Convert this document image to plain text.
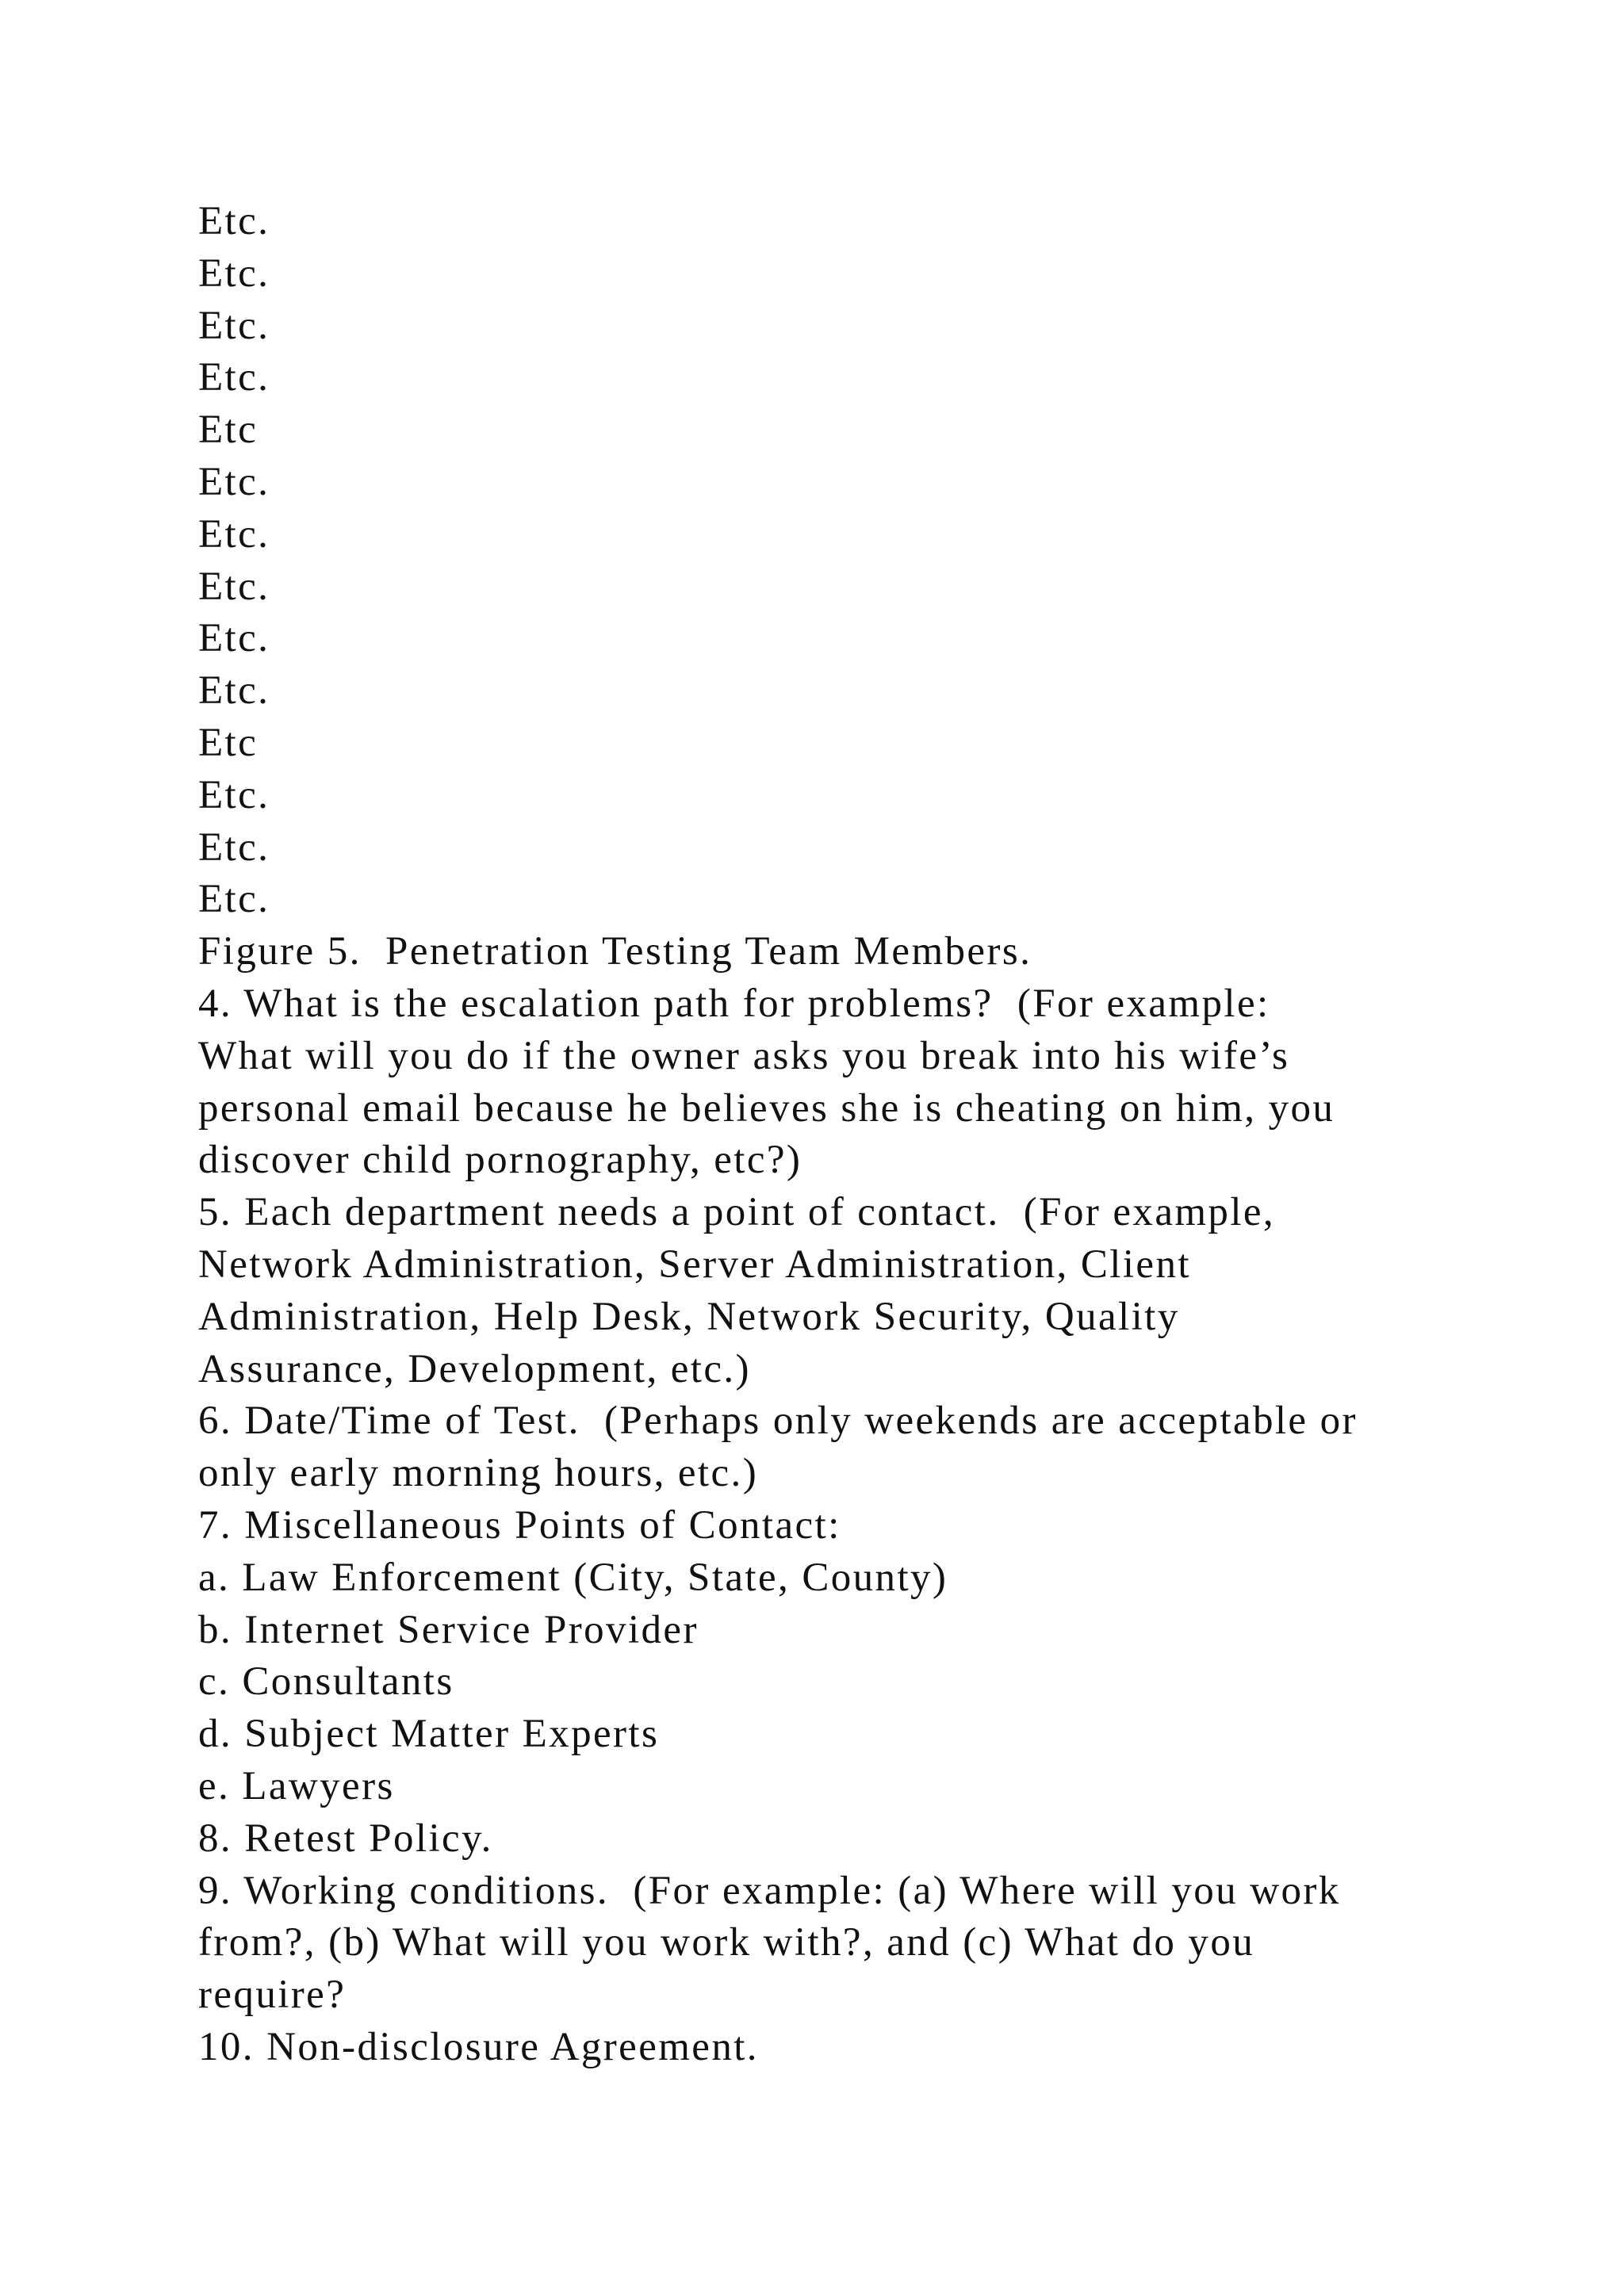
Etc.
Etc.
Etc.
Etc.
Etc
Etc.
Etc.
Etc.
Etc.
Etc.
Etc
Etc.
Etc.
Etc.
Figure 5.  Penetration Testing Team Members.
4. What is the escalation path for problems?  (For example:
What will you do if the owner asks you break into his wife’s
personal email because he believes she is cheating on him, you
discover child pornography, etc?)
5. Each department needs a point of contact.  (For example,
Network Administration, Server Administration, Client
Administration, Help Desk, Network Security, Quality
Assurance, Development, etc.)
6. Date/Time of Test.  (Perhaps only weekends are acceptable or
only early morning hours, etc.)
7. Miscellaneous Points of Contact:
a. Law Enforcement (City, State, County)
b. Internet Service Provider
c. Consultants
d. Subject Matter Experts
e. Lawyers
8. Retest Policy.
9. Working conditions.  (For example: (a) Where will you work
from?, (b) What will you work with?, and (c) What do you
require?
10. Non-disclosure Agreement.
